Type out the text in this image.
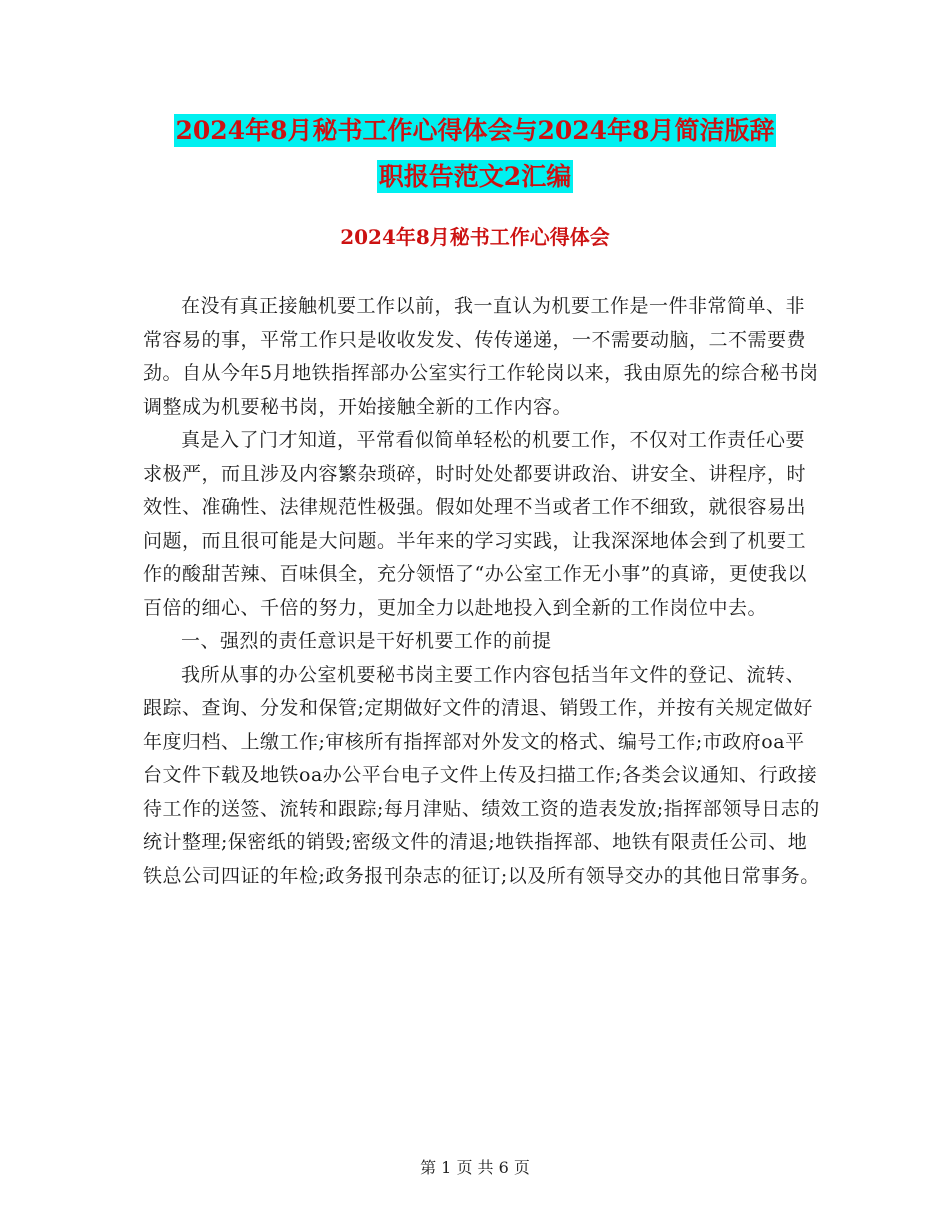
2024年8月秘书工作心得体会与2024年8月简洁版辞
职报告范文2汇编
2024年8月秘书工作心得体会

在没有真正接触机要工作以前，我一直认为机要工作是一件非常简单、非常容易的事，平常工作只是收收发发、传传递递，一不需要动脑，二不需要费劲。自从今年5月地铁指挥部办公室实行工作轮岗以来，我由原先的综合秘书岗调整成为机要秘书岗，开始接触全新的工作内容。

真是入了门才知道，平常看似简单轻松的机要工作，不仅对工作责任心要求极严，而且涉及内容繁杂琐碎，时时处处都要讲政治、讲安全、讲程序，时效性、准确性、法律规范性极强。假如处理不当或者工作不细致，就很容易出问题，而且很可能是大问题。半年来的学习实践，让我深深地体会到了机要工作的酸甜苦辣、百味俱全，充分领悟了“办公室工作无小事”的真谛，更使我以百倍的细心、千倍的努力，更加全力以赴地投入到全新的工作岗位中去。

一、强烈的责任意识是干好机要工作的前提

我所从事的办公室机要秘书岗主要工作内容包括当年文件的登记、流转、跟踪、查询、分发和保管;定期做好文件的清退、销毁工作，并按有关规定做好年度归档、上缴工作;审核所有指挥部对外发文的格式、编号工作;市政府oa平台文件下载及地铁oa办公平台电子文件上传及扫描工作;各类会议通知、行政接待工作的送签、流转和跟踪;每月津贴、绩效工资的造表发放;指挥部领导日志的统计整理;保密纸的销毁;密级文件的清退;地铁指挥部、地铁有限责任公司、地铁总公司四证的年检;政务报刊杂志的征订;以及所有领导交办的其他日常事务。

第 1 页 共 6 页
